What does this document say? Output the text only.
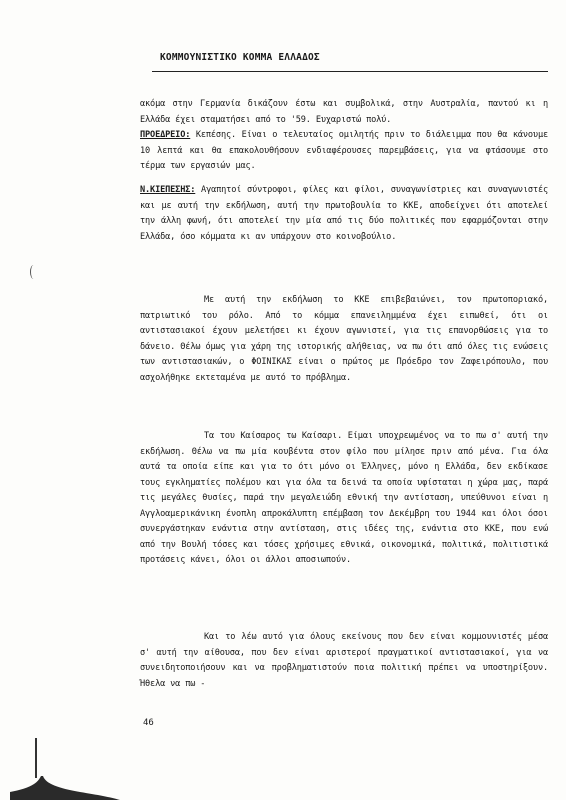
ΚΟΜΜΟΥΝΙΣΤΙΚΟ ΚΟΜΜΑ ΕΛΛΑΔΟΣ

ακόμα στην Γερμανία δικάζουν έστω και συμβολικά, στην Αυστραλία, παντού κι η Ελλάδα έχει σταματήσει από το '59. Ευχαριστώ πολύ.

ΠΡΟΕΔΡΕΙΟ: Κεπέσης. Είναι ο τελευταίος ομιλητής πριν το διάλειμμα που θα κάνουμε 10 λεπτά και θα επακολουθήσουν ενδιαφέρουσες παρεμβάσεις, για να φτάσουμε στο τέρμα των εργασιών μας.

Ν.ΚΙΕΠΕΣΗΣ: Αγαπητοί σύντροφοι, φίλες και φίλοι, συναγωνίστριες και συναγωνιστές και με αυτή την εκδήλωση, αυτή την πρωτοβουλία το ΚΚΕ, αποδείχνει ότι αποτελεί την άλλη φωνή, ότι αποτελεί την μία από τις δύο πολιτικές που εφαρμόζονται στην Ελλάδα, όσο κόμματα κι αν υπάρχουν στο κοινοβούλιο.

Με αυτή την εκδήλωση το ΚΚΕ επιβεβαιώνει, τον πρωτοποριακό, πατριωτικό του ρόλο. Από το κόμμα επανειλημμένα έχει ειπωθεί, ότι οι αντιστασιακοί έχουν μελετήσει κι έχουν αγωνιστεί, για τις επανορθώσεις για το δάνειο. Θέλω όμως για χάρη της ιστορικής αλήθειας, να πω ότι από όλες τις ενώσεις των αντιστασιακών, ο ΦΟΙΝΙΚΑΣ είναι ο πρώτος με Πρόεδρο τον Ζαφειρόπουλο, που ασχολήθηκε εκτεταμένα με αυτό το πρόβλημα.

Τα του Καίσαρος τω Καίσαρι. Είμαι υποχρεωμένος να το πω σ' αυτή την εκδήλωση. Θέλω να πω μία κουβέντα στον φίλο που μίλησε πριν από μένα. Για όλα αυτά τα οποία είπε και για το ότι μόνο οι Έλληνες, μόνο η Ελλάδα, δεν εκδίκασε τους εγκληματίες πολέμου και για όλα τα δεινά τα οποία υφίσταται η χώρα μας, παρά τις μεγάλες θυσίες, παρά την μεγαλειώδη εθνική την αντίσταση, υπεύθυνοι είναι η Αγγλοαμερικάνικη ένοπλη απροκάλυπτη επέμβαση τον Δεκέμβρη του 1944 και όλοι όσοι συνεργάστηκαν ενάντια στην αντίσταση, στις ιδέες της, ενάντια στο ΚΚΕ, που ενώ από την Βουλή τόσες και τόσες χρήσιμες εθνικά, οικονομικά, πολιτικά, πολιτιστικά προτάσεις κάνει, όλοι οι άλλοι αποσιωπούν.

Και το λέω αυτό για όλους εκείνους που δεν είναι κομμουνιστές μέσα σ' αυτή την αίθουσα, που δεν είναι αριστεροί πραγματικοί αντιστασιακοί, για να συνειδητοποιήσουν και να προβληματιστούν ποια πολιτική πρέπει να υποστηρίξουν. Ήθελα να πω -

46
